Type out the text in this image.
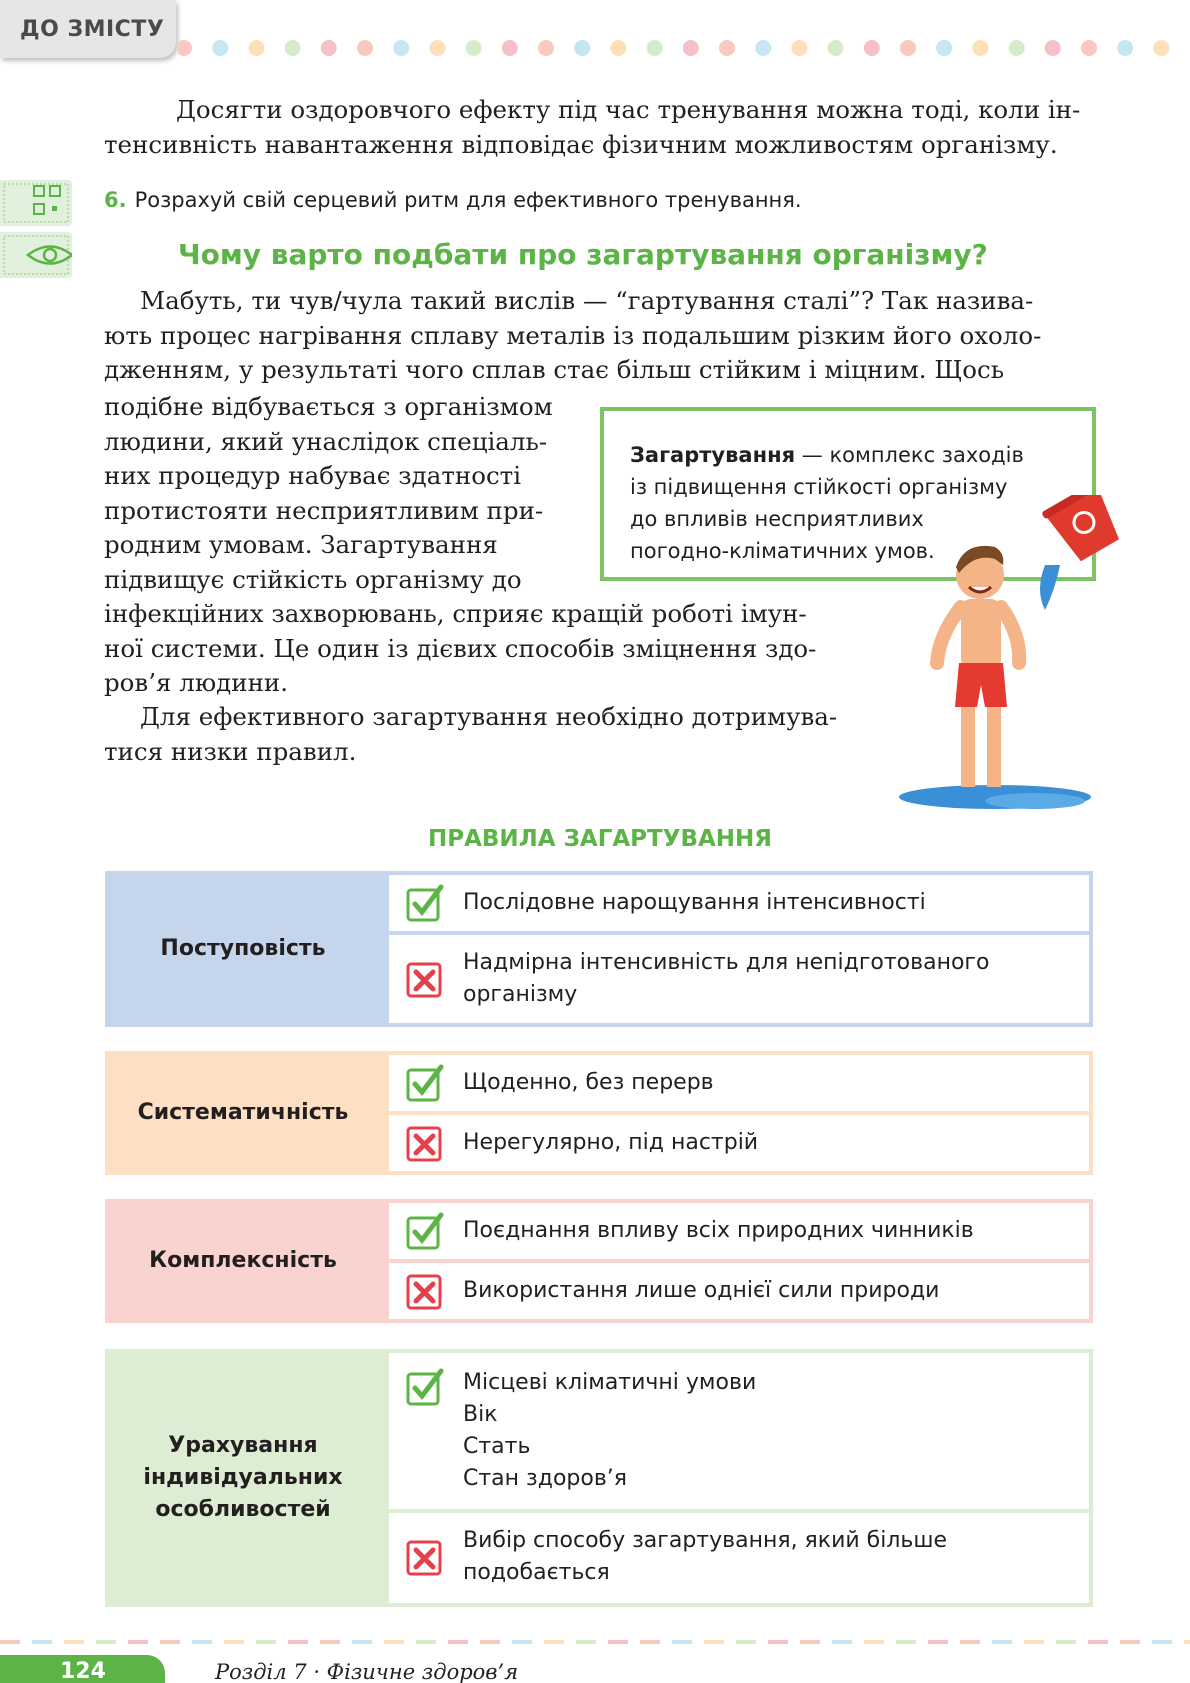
ДО ЗМІСТУ
Досягти оздоровчого ефекту під час тренування можна тоді, коли ін-
тенсивність навантаження відповідає фізичним можливостям організму.
6. Розрахуй свій серцевий ритм для ефективного тренування.
Чому варто подбати про загартування організму?
Мабуть, ти чув/чула такий вислів — “гартування сталі”? Так назива-
ють процес нагрівання сплаву металів із подальшим різким його охоло-
дженням, у результаті чого сплав стає більш стійким і міцним. Щось
подібне відбувається з організмом
людини, який унаслідок спеціаль-
них процедур набуває здатності
протистояти несприятливим при-
родним умовам. Загартування
підвищує стійкість організму до
інфекційних захворювань, сприяє кращій роботі імун-
ної системи. Це один із дієвих способів зміцнення здо-
ров’я людини.
Для ефективного загартування необхідно дотримува-
тися низки правил.
Загартування — комплекс заходів
із підвищення стійкості організму
до впливів несприятливих
погодно-кліматичних умов.
ПРАВИЛА ЗАГАРТУВАННЯ
Поступовість
Послідовне нарощування інтенсивності
Надмірна інтенсивність для непідготованого
організму
Систематичність
Щоденно, без перерв
Нерегулярно, під настрій
Комплексність
Поєднання впливу всіх природних чинників
Використання лише однієї сили природи
Урахування
індивідуальних
особливостей
Місцеві кліматичні умови
Вік
Стать
Стан здоров’я
Вибір способу загартування, який більше
подобається
124	Розділ 7 · Фізичне здоров’я
